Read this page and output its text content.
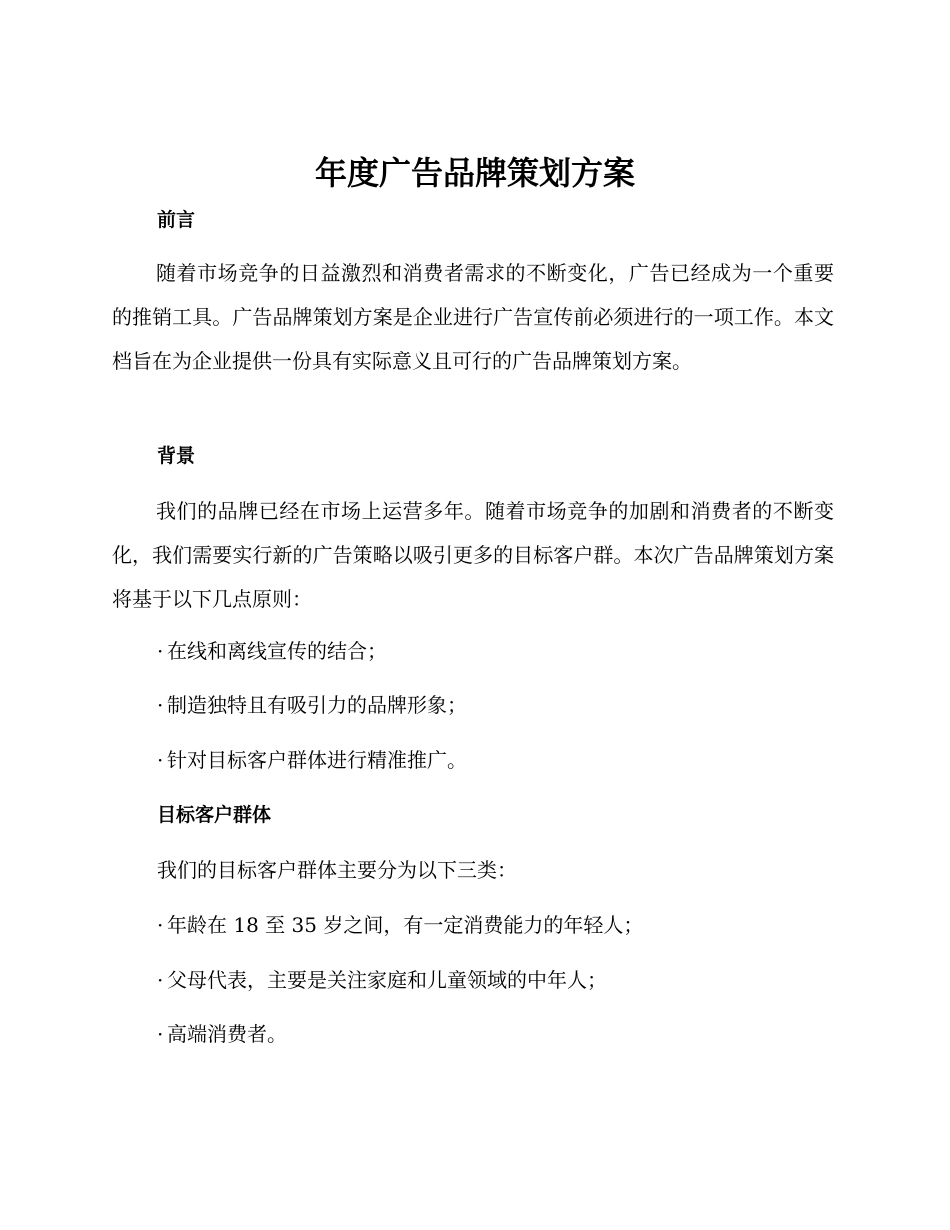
年度广告品牌策划方案
前言

随着市场竞争的日益激烈和消费者需求的不断变化，广告已经成为一个重要的推销工具。广告品牌策划方案是企业进行广告宣传前必须进行的一项工作。本文档旨在为企业提供一份具有实际意义且可行的广告品牌策划方案。

背景

我们的品牌已经在市场上运营多年。随着市场竞争的加剧和消费者的不断变化，我们需要实行新的广告策略以吸引更多的目标客户群。本次广告品牌策划方案将基于以下几点原则：

· 在线和离线宣传的结合；
· 制造独特且有吸引力的品牌形象；
· 针对目标客户群体进行精准推广。
目标客户群体
我们的目标客户群体主要分为以下三类：
· 年龄在 18 至 35 岁之间，有一定消费能力的年轻人；
· 父母代表，主要是关注家庭和儿童领域的中年人；
· 高端消费者。
